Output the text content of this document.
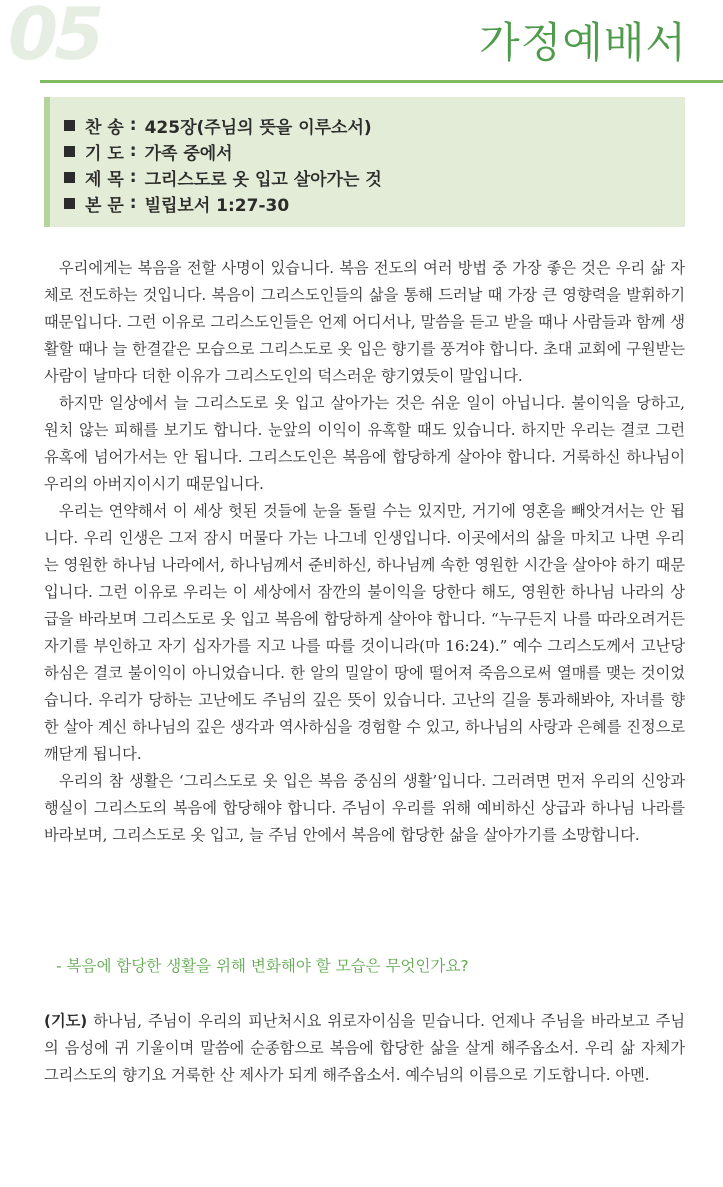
05	가정예배서
찬 송 : 425장(주님의 뜻을 이루소서)
기 도 : 가족 중에서
제 목 : 그리스도로 옷 입고 살아가는 것
본 문 : 빌립보서 1:27-30

우리에게는 복음을 전할 사명이 있습니다. 복음 전도의 여러 방법 중 가장 좋은 것은 우리 삶 자체로 전도하는 것입니다. 복음이 그리스도인들의 삶을 통해 드러날 때 가장 큰 영향력을 발휘하기 때문입니다. 그런 이유로 그리스도인들은 언제 어디서나, 말씀을 듣고 받을 때나 사람들과 함께 생활할 때나 늘 한결같은 모습으로 그리스도로 옷 입은 향기를 풍겨야 합니다. 초대 교회에 구원받는 사람이 날마다 더한 이유가 그리스도인의 덕스러운 향기였듯이 말입니다.

하지만 일상에서 늘 그리스도로 옷 입고 살아가는 것은 쉬운 일이 아닙니다. 불이익을 당하고, 원치 않는 피해를 보기도 합니다. 눈앞의 이익이 유혹할 때도 있습니다. 하지만 우리는 결코 그런 유혹에 넘어가서는 안 됩니다. 그리스도인은 복음에 합당하게 살아야 합니다. 거룩하신 하나님이 우리의 아버지이시기 때문입니다.

우리는 연약해서 이 세상 헛된 것들에 눈을 돌릴 수는 있지만, 거기에 영혼을 빼앗겨서는 안 됩니다. 우리 인생은 그저 잠시 머물다 가는 나그네 인생입니다. 이곳에서의 삶을 마치고 나면 우리는 영원한 하나님 나라에서, 하나님께서 준비하신, 하나님께 속한 영원한 시간을 살아야 하기 때문입니다. 그런 이유로 우리는 이 세상에서 잠깐의 불이익을 당한다 해도, 영원한 하나님 나라의 상급을 바라보며 그리스도로 옷 입고 복음에 합당하게 살아야 합니다. “누구든지 나를 따라오려거든 자기를 부인하고 자기 십자가를 지고 나를 따를 것이니라(마 16:24).” 예수 그리스도께서 고난당하심은 결코 불이익이 아니었습니다. 한 알의 밀알이 땅에 떨어져 죽음으로써 열매를 맺는 것이었습니다. 우리가 당하는 고난에도 주님의 깊은 뜻이 있습니다. 고난의 길을 통과해봐야, 자녀를 향한 살아 계신 하나님의 깊은 생각과 역사하심을 경험할 수 있고, 하나님의 사랑과 은혜를 진정으로 깨닫게 됩니다.

우리의 참 생활은 ‘그리스도로 옷 입은 복음 중심의 생활’입니다. 그러려면 먼저 우리의 신앙과 행실이 그리스도의 복음에 합당해야 합니다. 주님이 우리를 위해 예비하신 상급과 하나님 나라를 바라보며, 그리스도로 옷 입고, 늘 주님 안에서 복음에 합당한 삶을 살아가기를 소망합니다.

- 복음에 합당한 생활을 위해 변화해야 할 모습은 무엇인가요?
(기도) 하나님, 주님이 우리의 피난처시요 위로자이심을 믿습니다. 언제나 주님을 바라보고 주님의 음성에 귀 기울이며 말씀에 순종함으로 복음에 합당한 삶을 살게 해주옵소서. 우리 삶 자체가 그리스도의 향기요 거룩한 산 제사가 되게 해주옵소서. 예수님의 이름으로 기도합니다. 아멘.
